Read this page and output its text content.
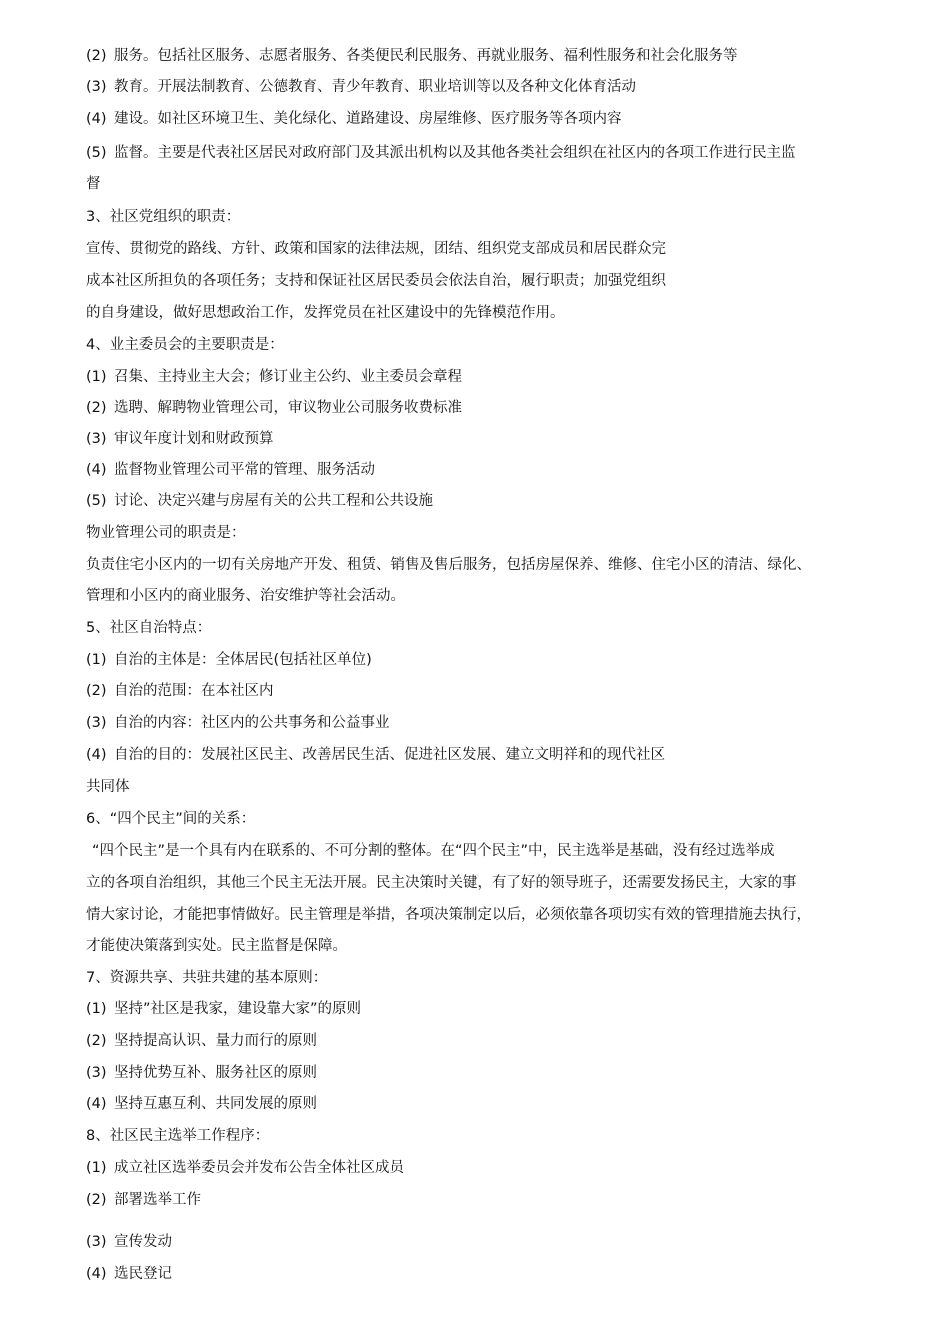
(2) 服务。包括社区服务、志愿者服务、各类便民利民服务、再就业服务、福利性服务和社会化服务等
(3) 教育。开展法制教育、公德教育、青少年教育、职业培训等以及各种文化体育活动
(4) 建设。如社区环境卫生、美化绿化、道路建设、房屋维修、医疗服务等各项内容
(5) 监督。主要是代表社区居民对政府部门及其派出机构以及其他各类社会组织在社区内的各项工作进行民主监
督
3、社区党组织的职责：
宣传、贯彻党的路线、方针、政策和国家的法律法规，团结、组织党支部成员和居民群众完
成本社区所担负的各项任务；支持和保证社区居民委员会依法自治，履行职责；加强党组织
的自身建设，做好思想政治工作，发挥党员在社区建设中的先锋模范作用。
4、业主委员会的主要职责是：
(1) 召集、主持业主大会；修订业主公约、业主委员会章程
(2) 选聘、解聘物业管理公司，审议物业公司服务收费标准
(3) 审议年度计划和财政预算
(4) 监督物业管理公司平常的管理、服务活动
(5) 讨论、决定兴建与房屋有关的公共工程和公共设施
物业管理公司的职责是：
负责住宅小区内的一切有关房地产开发、租赁、销售及售后服务，包括房屋保养、维修、住宅小区的清洁、绿化、
管理和小区内的商业服务、治安维护等社会活动。
5、社区自治特点：
(1) 自治的主体是：全体居民(包括社区单位)
(2) 自治的范围：在本社区内
(3) 自治的内容：社区内的公共事务和公益事业
(4) 自治的目的：发展社区民主、改善居民生活、促进社区发展、建立文明祥和的现代社区
共同体
6、“四个民主”间的关系：
“四个民主”是一个具有内在联系的、不可分割的整体。在“四个民主”中，民主选举是基础，没有经过选举成
立的各项自治组织，其他三个民主无法开展。民主决策时关键，有了好的领导班子，还需要发扬民主，大家的事
情大家讨论，才能把事情做好。民主管理是举措，各项决策制定以后，必须依靠各项切实有效的管理措施去执行，
才能使决策落到实处。民主监督是保障。
7、资源共享、共驻共建的基本原则：
(1) 坚持”社区是我家，建设靠大家”的原则
(2) 坚持提高认识、量力而行的原则
(3) 坚持优势互补、服务社区的原则
(4) 坚持互惠互利、共同发展的原则
8、社区民主选举工作程序：
(1) 成立社区选举委员会并发布公告全体社区成员
(2) 部署选举工作
(3) 宣传发动
(4) 选民登记
